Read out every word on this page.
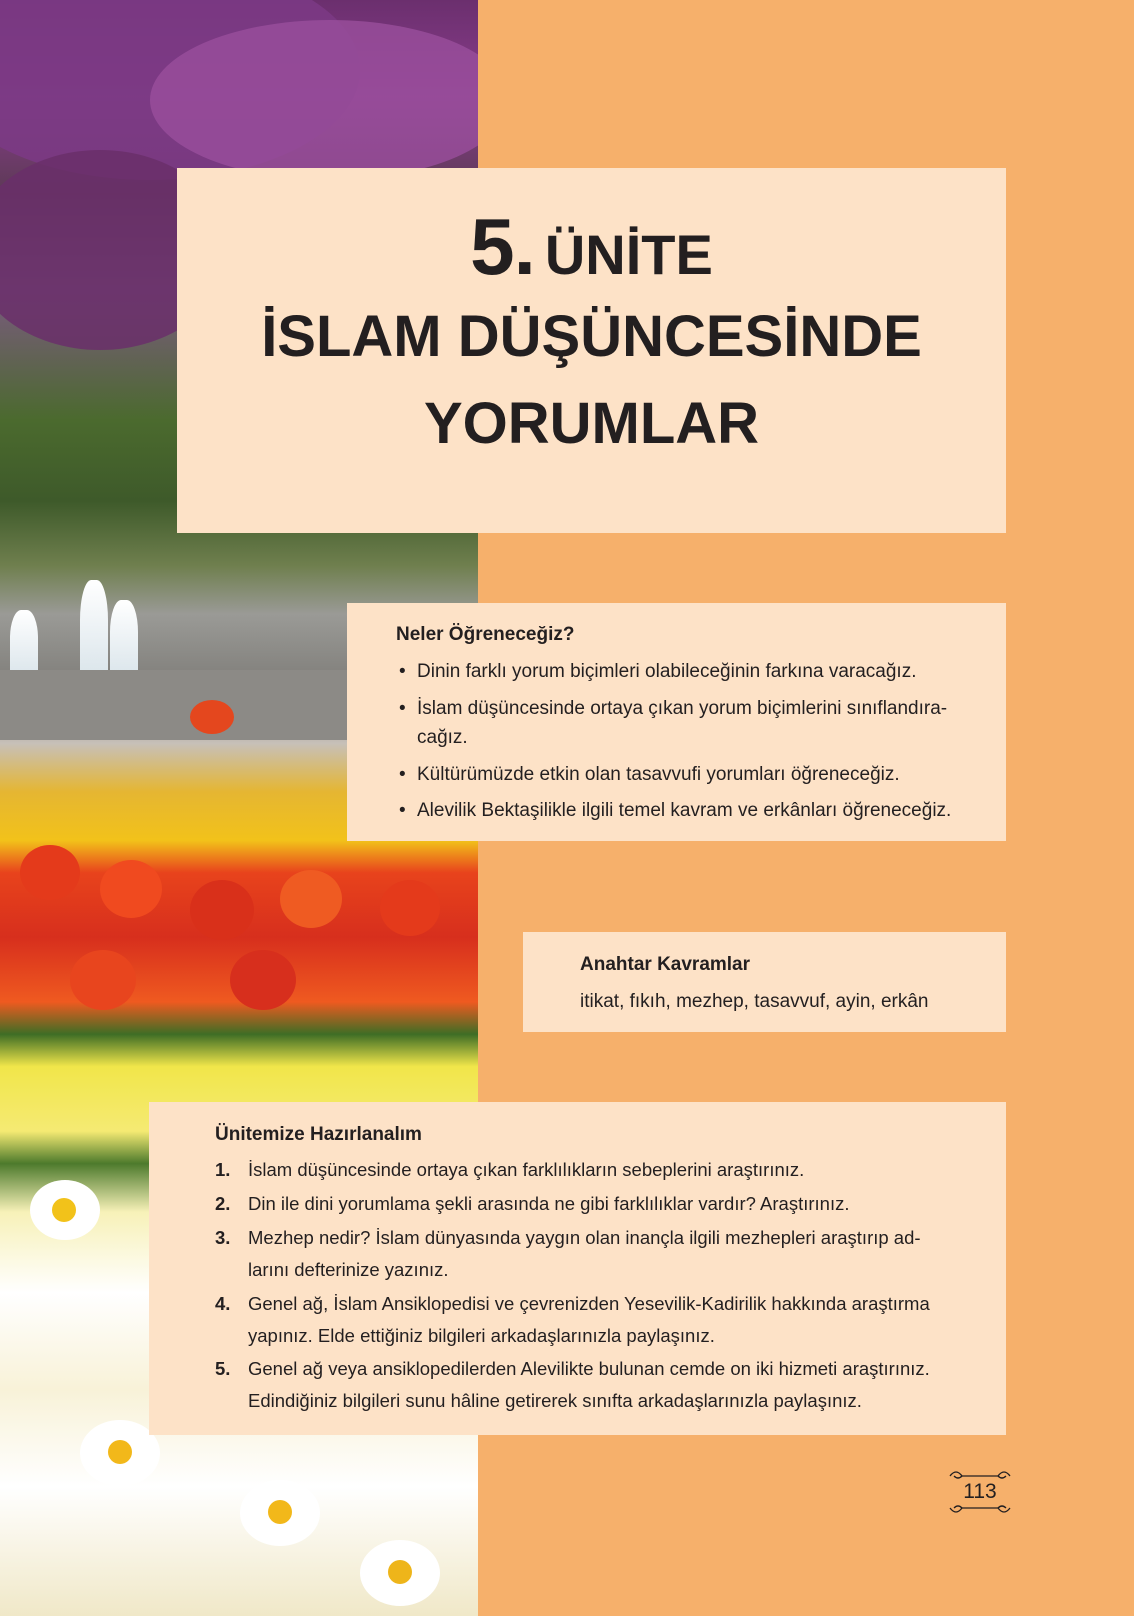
5. ÜNİTE
İSLAM DÜŞÜNCESİNDE
YORUMLAR
Neler Öğreneceğiz?
• Dinin farklı yorum biçimleri olabileceğinin farkına varacağız.
• İslam düşüncesinde ortaya çıkan yorum biçimlerini sınıflandıra-
cağız.
• Kültürümüzde etkin olan tasavvufi yorumları öğreneceğiz.
• Alevilik Bektaşilikle ilgili temel kavram ve erkânları öğreneceğiz.
Anahtar Kavramlar
itikat, fıkıh, mezhep, tasavvuf, ayin, erkân
Ünitemize Hazırlanalım
1. İslam düşüncesinde ortaya çıkan farklılıkların sebeplerini araştırınız.
2. Din ile dini yorumlama şekli arasında ne gibi farklılıklar vardır? Araştırınız.
3. Mezhep nedir? İslam dünyasında yaygın olan inançla ilgili mezhepleri araştırıp ad-
larını defterinize yazınız.
4. Genel ağ, İslam Ansiklopedisi ve çevrenizden Yesevilik-Kadirilik hakkında araştırma
yapınız. Elde ettiğiniz bilgileri arkadaşlarınızla paylaşınız.
5. Genel ağ veya ansiklopedilerden Alevilikte bulunan cemde on iki hizmeti araştırınız.
Edindiğiniz bilgileri sunu hâline getirerek sınıfta arkadaşlarınızla paylaşınız.
113
